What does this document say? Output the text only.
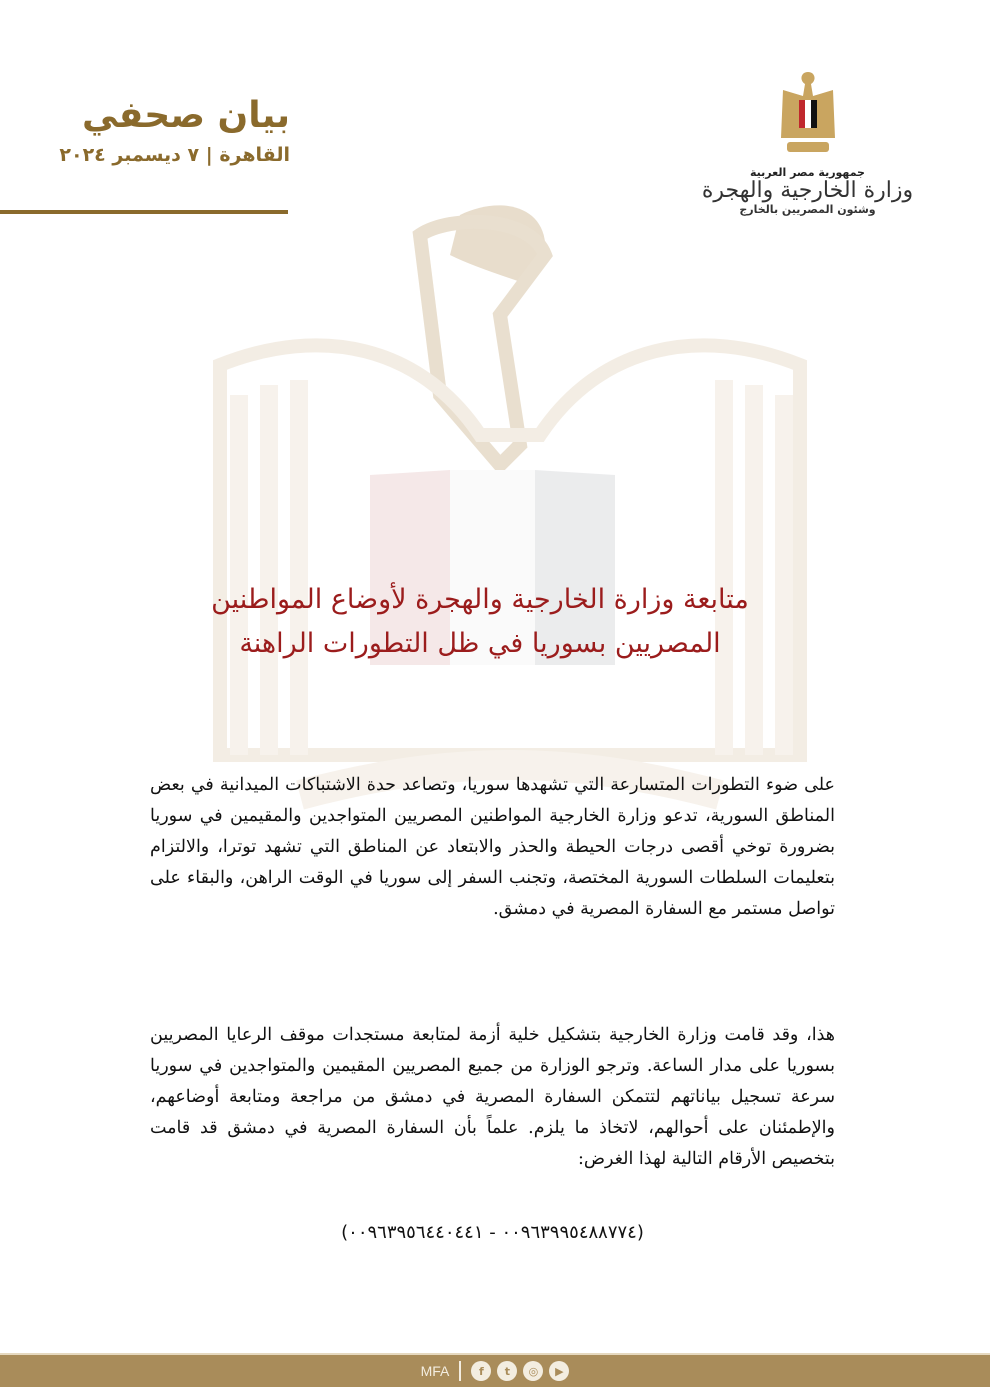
جمهورية مصر العربية
وزارة الخارجية والهجرة
وشئون المصريين بالخارج
بيان صحفي
القاهرة | ٧ ديسمبر ٢٠٢٤
متابعة وزارة الخارجية والهجرة لأوضاع المواطنين
المصريين بسوريا في ظل التطورات الراهنة
على ضوء التطورات المتسارعة التي تشهدها سوريا، وتصاعد حدة الاشتباكات الميدانية في بعض المناطق السورية، تدعو وزارة الخارجية المواطنين المصريين المتواجدين والمقيمين في سوريا بضرورة توخي أقصى درجات الحيطة والحذر والابتعاد عن المناطق التي تشهد توترا، والالتزام بتعليمات السلطات السورية المختصة، وتجنب السفر إلى سوريا في الوقت الراهن، والبقاء على تواصل مستمر مع السفارة المصرية في دمشق.
هذا، وقد قامت وزارة الخارجية بتشكيل خلية أزمة لمتابعة مستجدات موقف الرعايا المصريين بسوريا على مدار الساعة. وترجو الوزارة من جميع المصريين المقيمين والمتواجدين في سوريا سرعة تسجيل بياناتهم لتتمكن السفارة المصرية في دمشق من مراجعة ومتابعة أوضاعهم، والإطمئنان على أحوالهم، لاتخاذ ما يلزم. علماً بأن السفارة المصرية في دمشق قد قامت بتخصيص الأرقام التالية لهذا الغرض:
(٠٠٩٦٣٩٩٥٤٨٨٧٧٤ - ٠٠٩٦٣٩٥٦٤٤٠٤٤١)
MFA	f	t	◎	▶
